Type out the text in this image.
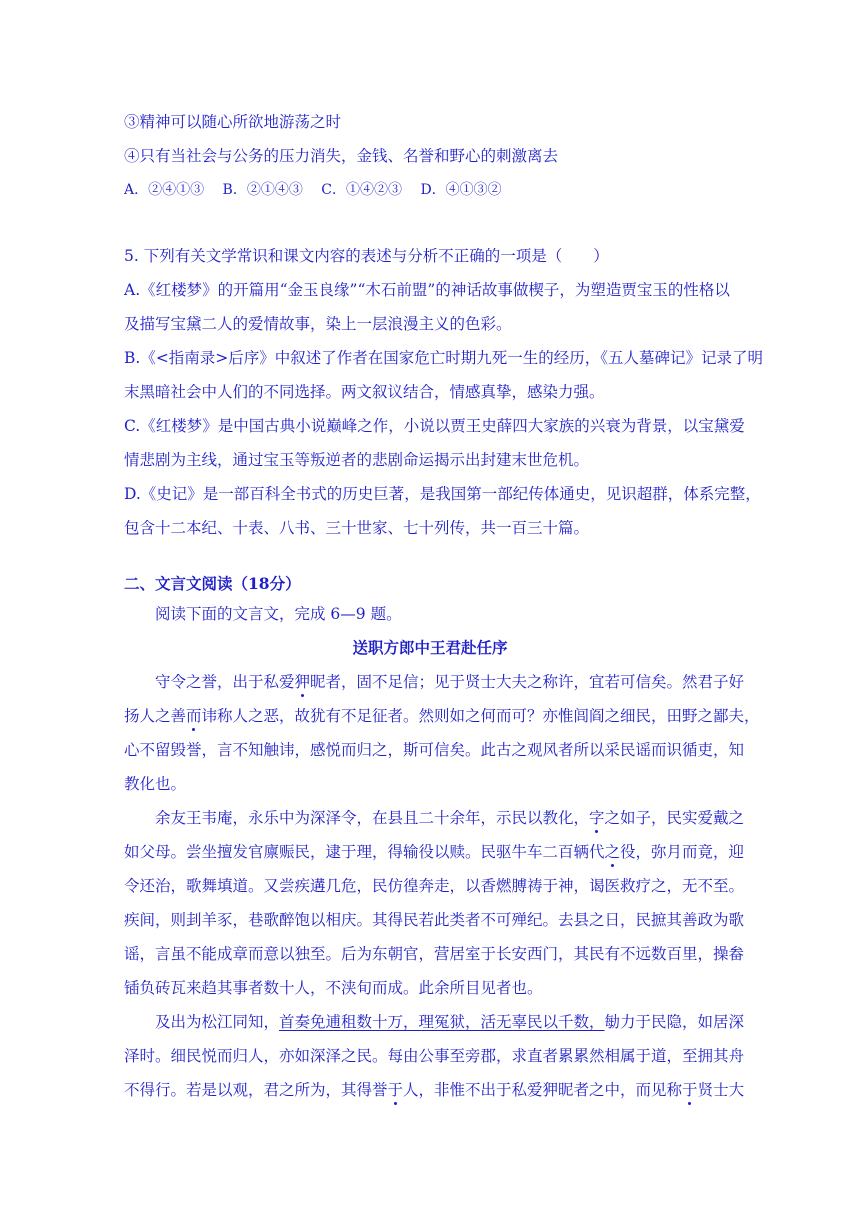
③精神可以随心所欲地游荡之时
④只有当社会与公务的压力消失，金钱、名誉和野心的刺激离去
A．②④①③　 B．②①④③　 C．①④②③　 D．④①③②
5. 下列有关文学常识和课文内容的表述与分析不正确的一项是（　　）
A.《红楼梦》的开篇用“金玉良缘”“木石前盟”的神话故事做楔子，为塑造贾宝玉的性格以
及描写宝黛二人的爱情故事，染上一层浪漫主义的色彩。
B.《<指南录>后序》中叙述了作者在国家危亡时期九死一生的经历，《五人墓碑记》记录了明
末黑暗社会中人们的不同选择。两文叙议结合，情感真挚，感染力强。
C.《红楼梦》是中国古典小说巅峰之作，小说以贾王史薛四大家族的兴衰为背景，以宝黛爱
情悲剧为主线，通过宝玉等叛逆者的悲剧命运揭示出封建末世危机。
D.《史记》是一部百科全书式的历史巨著，是我国第一部纪传体通史，见识超群，体系完整，
包含十二本纪、十表、八书、三十世家、七十列传，共一百三十篇。
二、文言文阅读（18分）
阅读下面的文言文，完成 6—9 题。
送职方郎中王君赴任序
守令之誉，出于私爱狎昵者，固不足信；见于贤士大夫之称许，宜若可信矣。然君子好
扬人之善而讳称人之恶，故犹有不足征者。然则如之何而可？亦惟闾阎之细民，田野之鄙夫，
心不留毁誉，言不知触讳，感悦而归之，斯可信矣。此古之观风者所以采民谣而识循吏，知
教化也。
余友王韦庵，永乐中为深泽令，在县且二十余年，示民以教化，字之如子，民实爱戴之
如父母。尝坐擅发官廪赈民，逮于理，得输役以赎。民驱牛车二百辆代之役，弥月而竟，迎
令还治，歌舞填道。又尝疾遘几危，民仿徨奔走，以香燃膊祷于神，谒医救疗之，无不至。
疾间，则刲羊豕，巷歌醉饱以相庆。其得民若此类者不可殚纪。去县之日，民摭其善政为歌
谣，言虽不能成章而意以独至。后为东朝官，营居室于长安西门，其民有不远数百里，操畚
锸负砖瓦来趋其事者数十人，不浃旬而成。此余所目见者也。
及出为松江同知，首奏免逋租数十万，理冤狱，活无辜民以千数，勄力于民隐，如居深
泽时。细民悦而归人，亦如深泽之民。每由公事至旁郡，求直者累累然相属于道，至拥其舟
不得行。若是以观，君之所为，其得誉于人，非惟不出于私爱狎昵者之中，而见称于贤士大
